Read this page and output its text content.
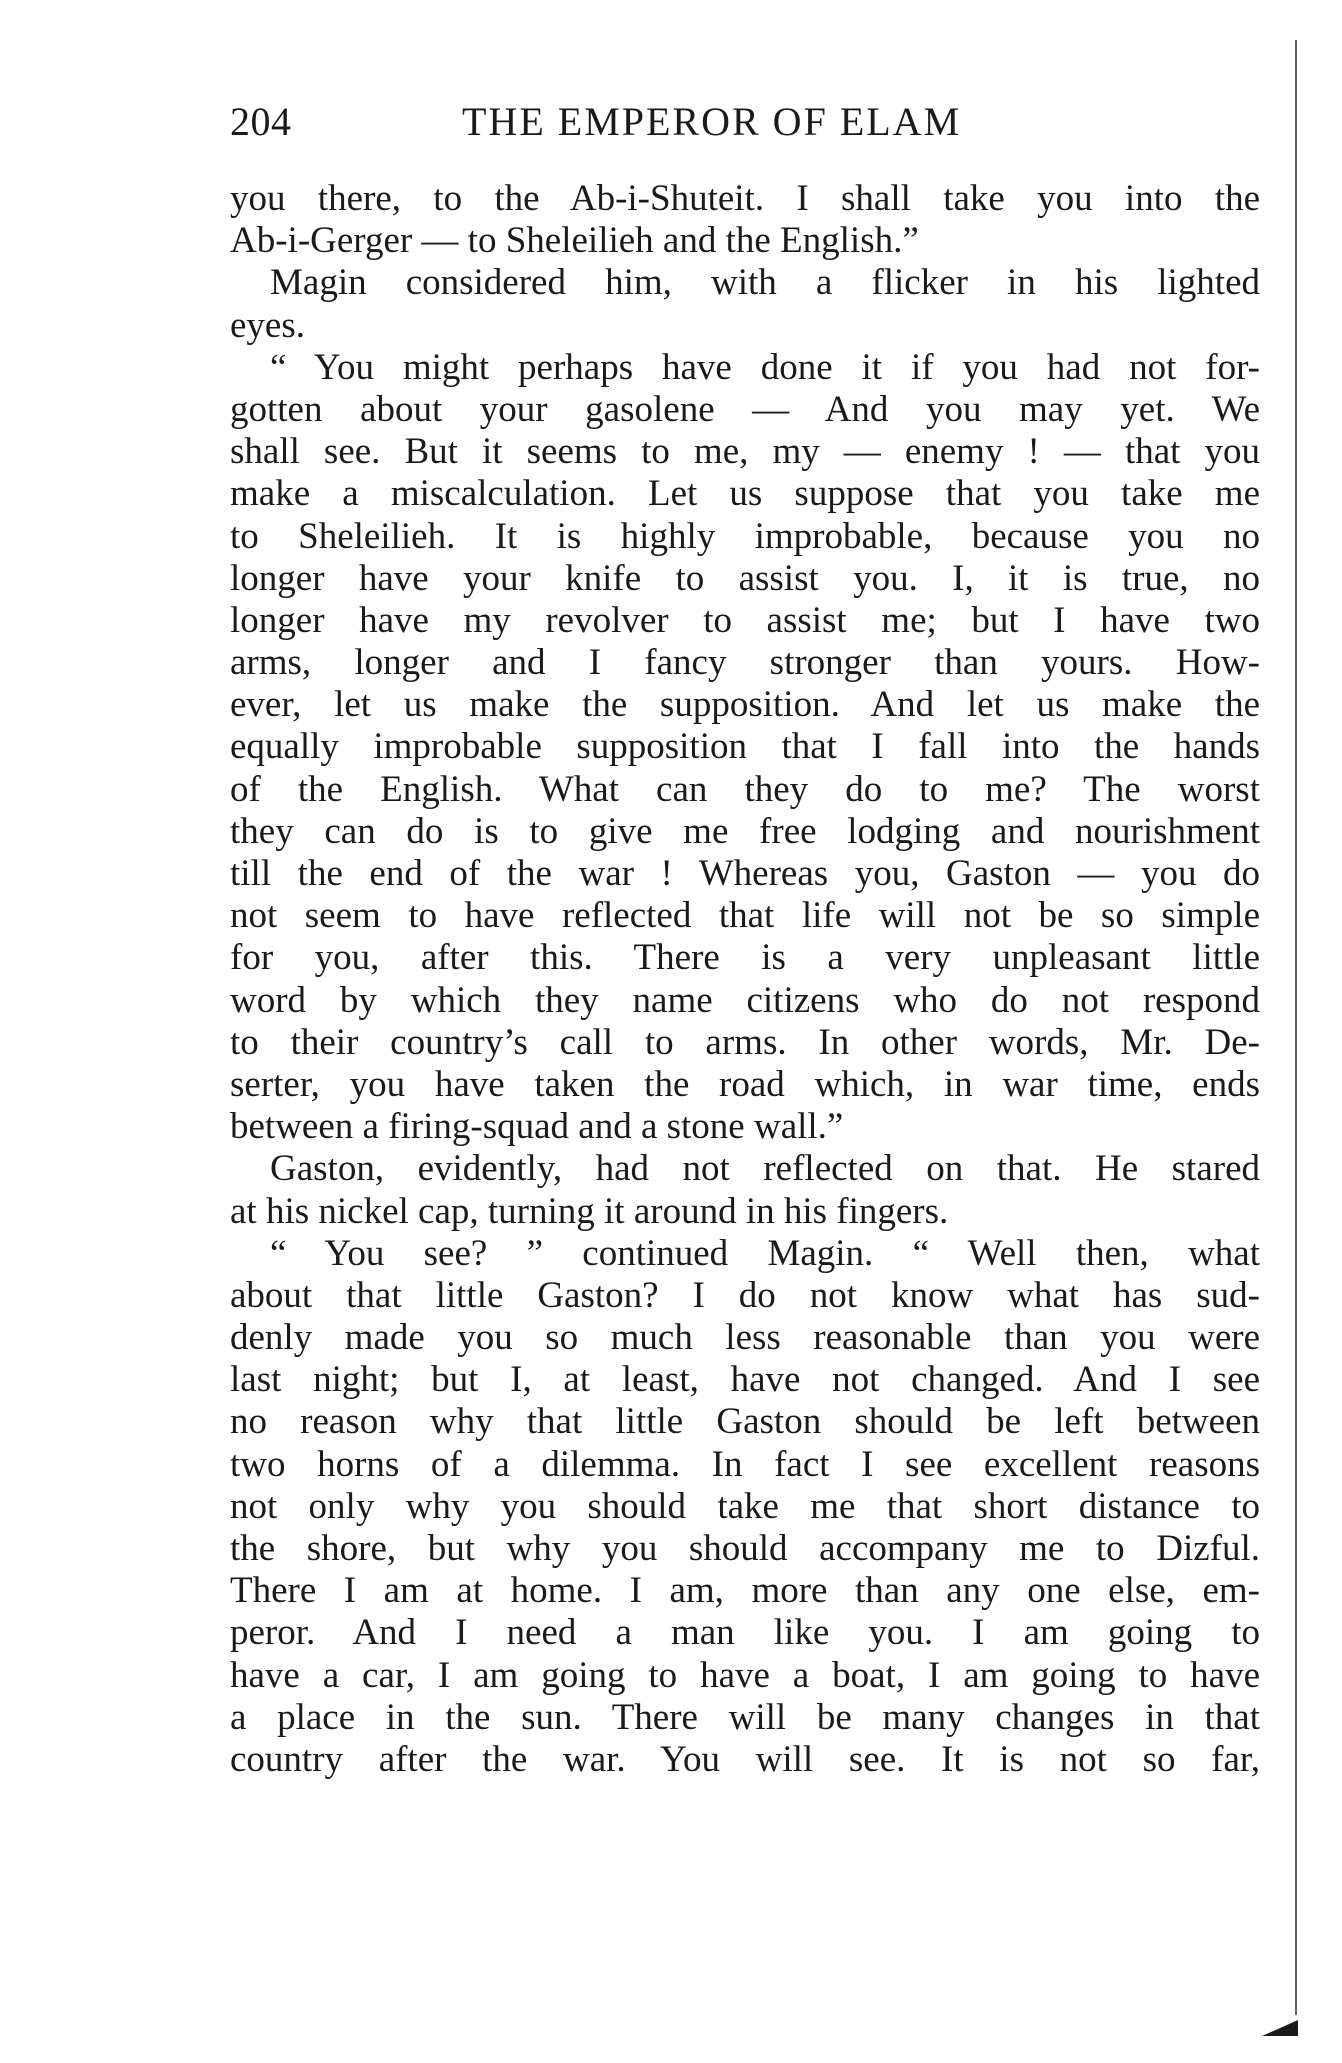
204	THE EMPEROR OF ELAM
you there, to the Ab-i-Shuteit. I shall take you into the
Ab-i-Gerger — to Sheleilieh and the English.”
Magin considered him, with a flicker in his lighted
eyes.
“ You might perhaps have done it if you had not for-
gotten about your gasolene — And you may yet. We
shall see. But it seems to me, my — enemy ! — that you
make a miscalculation. Let us suppose that you take me
to Sheleilieh. It is highly improbable, because you no
longer have your knife to assist you. I, it is true, no
longer have my revolver to assist me; but I have two
arms, longer and I fancy stronger than yours. How-
ever, let us make the supposition. And let us make the
equally improbable supposition that I fall into the hands
of the English. What can they do to me? The worst
they can do is to give me free lodging and nourishment
till the end of the war ! Whereas you, Gaston — you do
not seem to have reflected that life will not be so simple
for you, after this. There is a very unpleasant little
word by which they name citizens who do not respond
to their country’s call to arms. In other words, Mr. De-
serter, you have taken the road which, in war time, ends
between a firing-squad and a stone wall.”
Gaston, evidently, had not reflected on that. He stared
at his nickel cap, turning it around in his fingers.
“ You see? ” continued Magin. “ Well then, what
about that little Gaston? I do not know what has sud-
denly made you so much less reasonable than you were
last night; but I, at least, have not changed. And I see
no reason why that little Gaston should be left between
two horns of a dilemma. In fact I see excellent reasons
not only why you should take me that short distance to
the shore, but why you should accompany me to Dizful.
There I am at home. I am, more than any one else, em-
peror. And I need a man like you. I am going to
have a car, I am going to have a boat, I am going to have
a place in the sun. There will be many changes in that
country after the war. You will see. It is not so far,
